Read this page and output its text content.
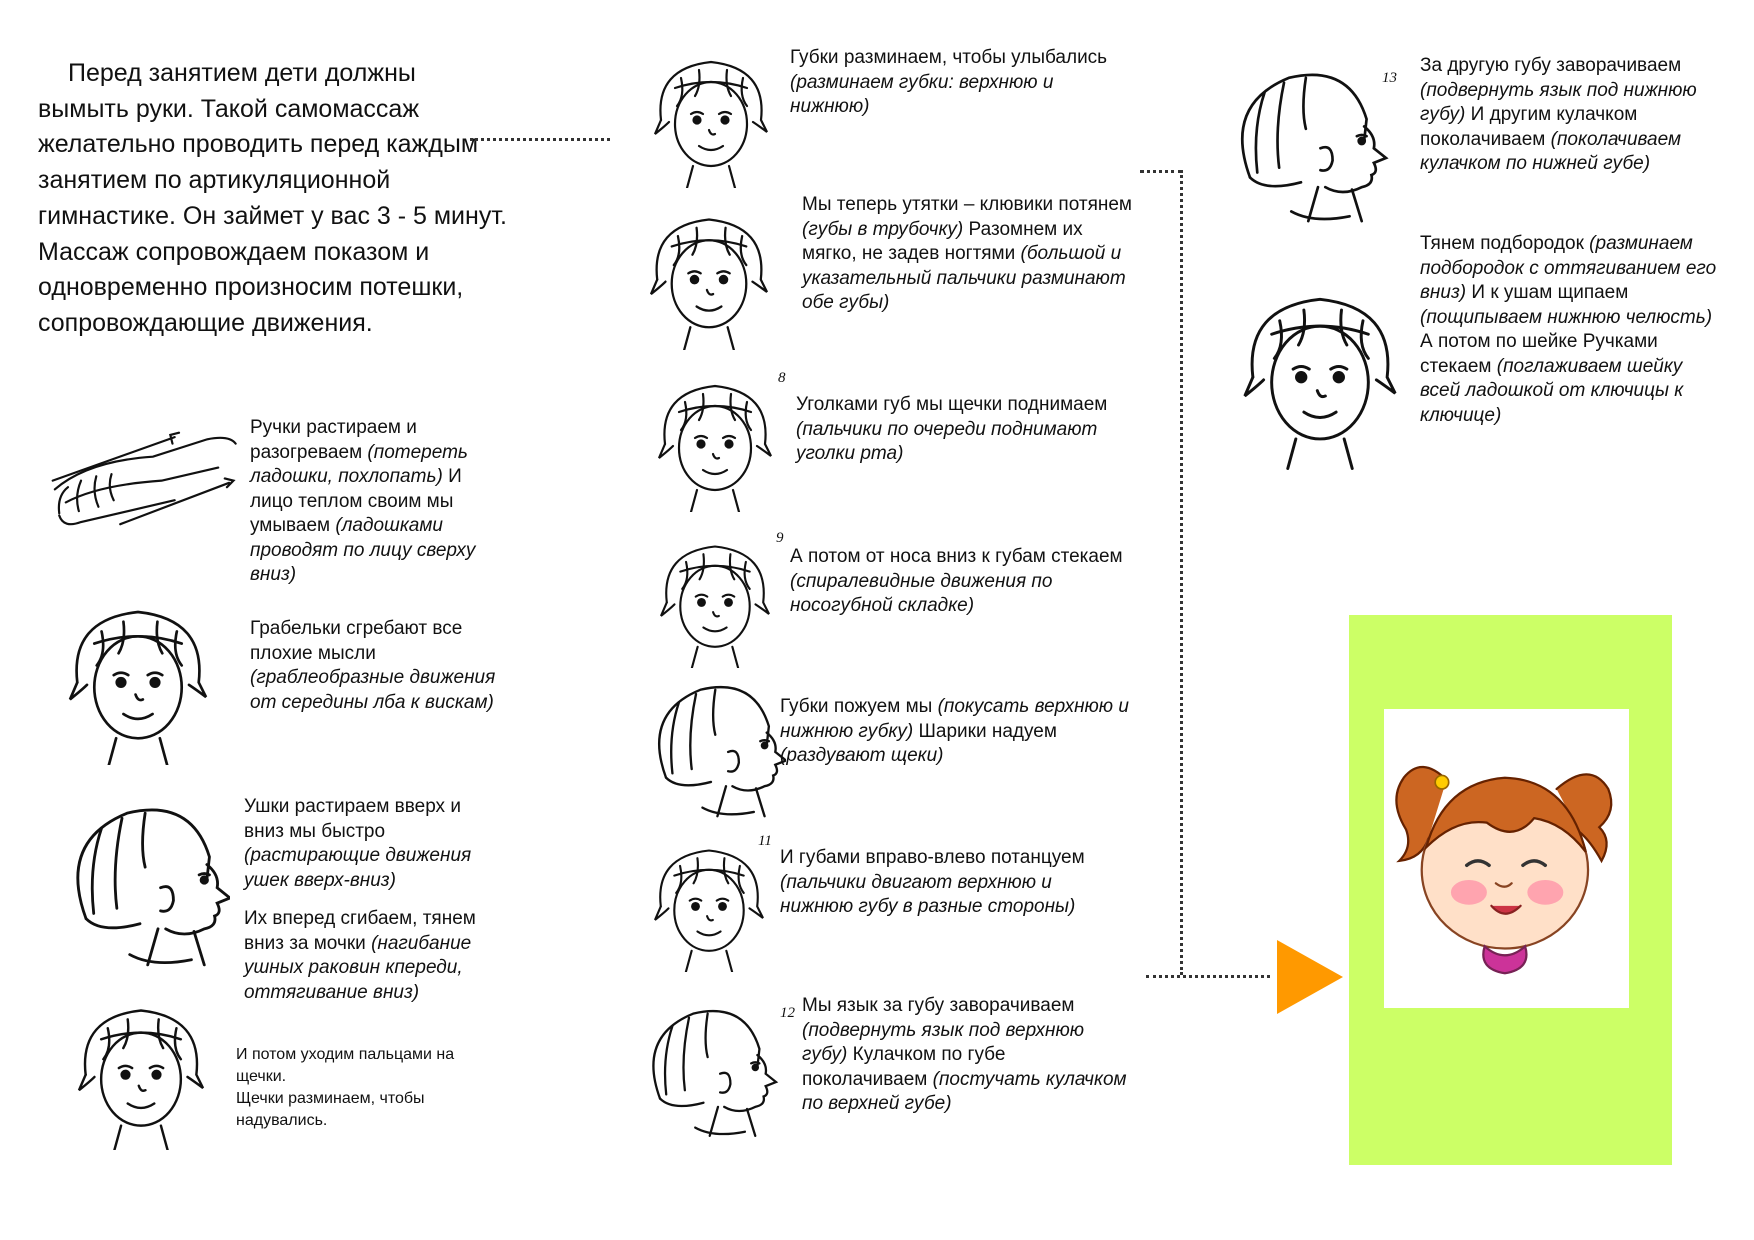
Перед занятием дети должны вымыть руки. Такой самомассаж желательно проводить перед каждым занятием по артикуляционной гимнастике. Он займет у вас 3 - 5 минут. Массаж сопровождаем показом и одновременно произносим потешки, сопровождающие движения.
Ручки растираем и разогреваем (потереть ладошки, похлопать) И лицо теплом своим мы умываем (ладошками проводят по лицу сверху вниз)
Грабельки сгребают все плохие мысли (граблеобразные движения от середины лба к вискам)

Ушки растираем вверх и вниз мы быстро (растирающие движения ушек вверх-вниз)

Их вперед сгибаем, тянем вниз за мочки (нагибание ушных раковин кпереди, оттягивание вниз)

И потом уходим пальцами на щечки.

Щечки разминаем, чтобы надувались.

Губки разминаем, чтобы улыбались (разминаем губки: верхнюю и нижнюю)
Мы теперь утятки – клювики потянем (губы в трубочку) Разомнем их мягко, не задев ногтями (большой и указательный пальчики разминают обе губы)
8
Уголками губ мы щечки поднимаем (пальчики по очереди поднимают уголки рта)
9
А потом от носа вниз к губам стекаем (спиралевидные движения по носогубной складке)
Губки пожуем мы (покусать верхнюю и нижнюю губку) Шарики надуем (раздувают щеки)
11
И губами вправо-влево потанцуем (пальчики двигают верхнюю и нижнюю губу в разные стороны)
12 Мы язык за губу заворачиваем (подвернуть язык под верхнюю губу) Кулачком по губе поколачиваем (постучать кулачком по верхней губе)
13
За другую губу заворачиваем (подвернуть язык под нижнюю губу) И другим кулачком поколачиваем (поколачиваем кулачком по нижней губе)
Тянем подбородок (разминаем подбородок с оттягиванием его вниз) И к ушам щипаем (пощипываем нижнюю челюсть) А потом по шейке Ручками стекаем (поглаживаем шейку всей ладошкой от ключицы к ключице)
